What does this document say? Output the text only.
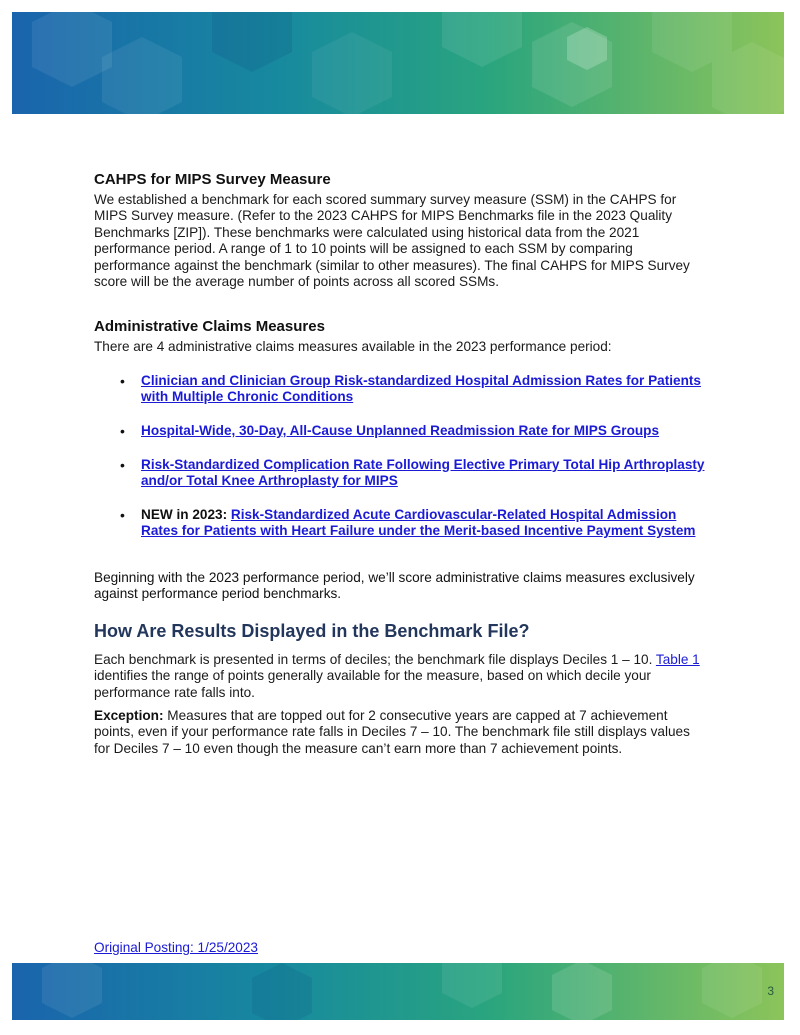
CAHPS for MIPS Survey Measure

We established a benchmark for each scored summary survey measure (SSM) in the CAHPS for MIPS Survey measure. (Refer to the 2023 CAHPS for MIPS Benchmarks file in the 2023 Quality Benchmarks [ZIP]). These benchmarks were calculated using historical data from the 2021 performance period. A range of 1 to 10 points will be assigned to each SSM by comparing performance against the benchmark (similar to other measures). The final CAHPS for MIPS Survey score will be the average number of points across all scored SSMs.

Administrative Claims Measures

There are 4 administrative claims measures available in the 2023 performance period:

• Clinician and Clinician Group Risk-standardized Hospital Admission Rates for Patients with Multiple Chronic Conditions
• Hospital-Wide, 30-Day, All-Cause Unplanned Readmission Rate for MIPS Groups
• Risk-Standardized Complication Rate Following Elective Primary Total Hip Arthroplasty and/or Total Knee Arthroplasty for MIPS
• NEW in 2023: Risk-Standardized Acute Cardiovascular-Related Hospital Admission Rates for Patients with Heart Failure under the Merit-based Incentive Payment System

Beginning with the 2023 performance period, we’ll score administrative claims measures exclusively against performance period benchmarks.

How Are Results Displayed in the Benchmark File?

Each benchmark is presented in terms of deciles; the benchmark file displays Deciles 1 – 10. Table 1 identifies the range of points generally available for the measure, based on which decile your performance rate falls into.

Exception: Measures that are topped out for 2 consecutive years are capped at 7 achievement points, even if your performance rate falls in Deciles 7 – 10. The benchmark file still displays values for Deciles 7 – 10 even though the measure can’t earn more than 7 achievement points.

Original Posting: 1/25/2023
3
